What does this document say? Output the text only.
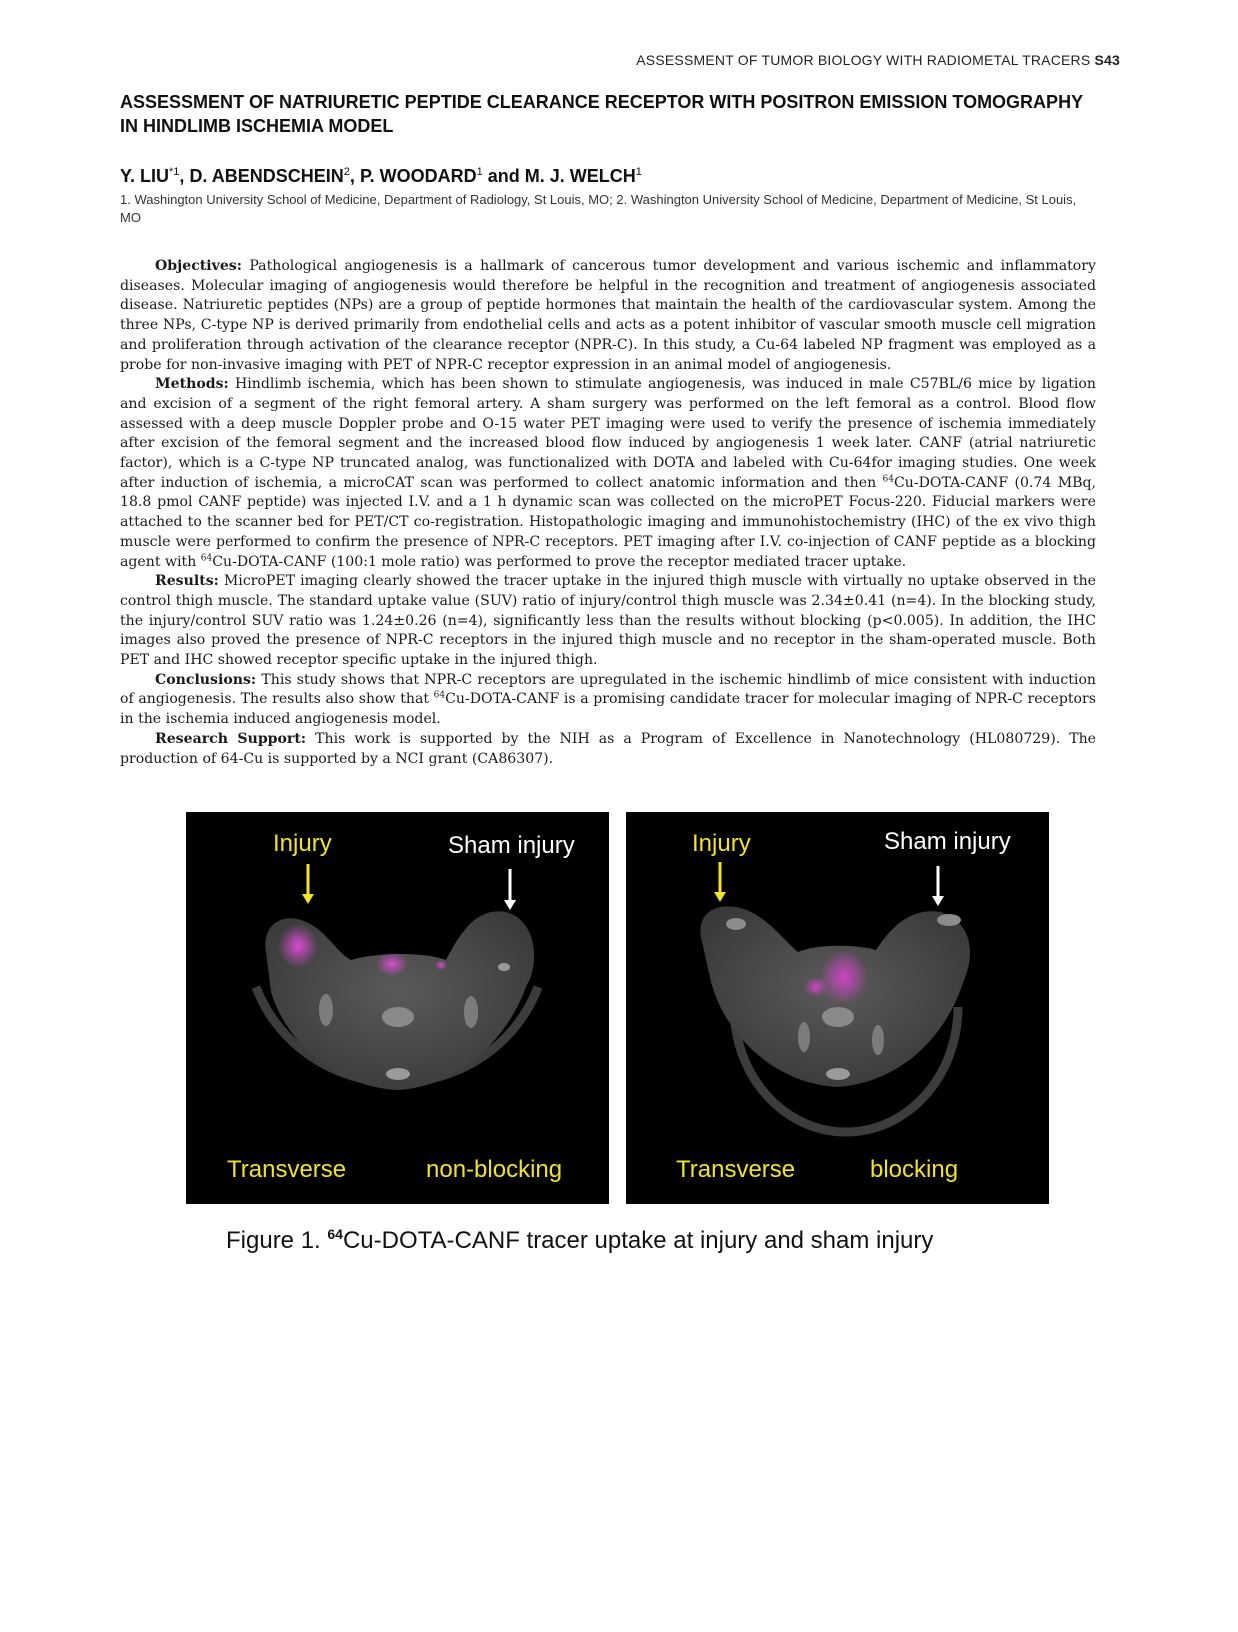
ASSESSMENT OF TUMOR BIOLOGY WITH RADIOMETAL TRACERS S43
ASSESSMENT OF NATRIURETIC PEPTIDE CLEARANCE RECEPTOR WITH POSITRON EMISSION TOMOGRAPHY IN HINDLIMB ISCHEMIA MODEL
Y. LIU$^{*1}$, D. ABENDSCHEIN$^2$, P. WOODARD$^1$ and M. J. WELCH$^1$
1. Washington University School of Medicine, Department of Radiology, St Louis, MO; 2. Washington University School of Medicine, Department of Medicine, St Louis, MO

Objectives: Pathological angiogenesis is a hallmark of cancerous tumor development and various ischemic and inflammatory diseases. Molecular imaging of angiogenesis would therefore be helpful in the recognition and treatment of angiogenesis associated disease. Natriuretic peptides (NPs) are a group of peptide hormones that maintain the health of the cardiovascular system. Among the three NPs, C-type NP is derived primarily from endothelial cells and acts as a potent inhibitor of vascular smooth muscle cell migration and proliferation through activation of the clearance receptor (NPR-C). In this study, a Cu-64 labeled NP fragment was employed as a probe for non-invasive imaging with PET of NPR-C receptor expression in an animal model of angiogenesis.

Methods: Hindlimb ischemia, which has been shown to stimulate angiogenesis, was induced in male C57BL/6 mice by ligation and excision of a segment of the right femoral artery. A sham surgery was performed on the left femoral as a control. Blood flow assessed with a deep muscle Doppler probe and O-15 water PET imaging were used to verify the presence of ischemia immediately after excision of the femoral segment and the increased blood flow induced by angiogenesis 1 week later. CANF (atrial natriuretic factor), which is a C-type NP truncated analog, was functionalized with DOTA and labeled with Cu-64for imaging studies. One week after induction of ischemia, a microCAT scan was performed to collect anatomic information and then $^{64}$Cu-DOTA-CANF (0.74 MBq, 18.8 pmol CANF peptide) was injected I.V. and a 1 h dynamic scan was collected on the microPET Focus-220. Fiducial markers were attached to the scanner bed for PET/CT co-registration. Histopathologic imaging and immunohistochemistry (IHC) of the ex vivo thigh muscle were performed to confirm the presence of NPR-C receptors. PET imaging after I.V. co-injection of CANF peptide as a blocking agent with $^{64}$Cu-DOTA-CANF (100:1 mole ratio) was performed to prove the receptor mediated tracer uptake.

Results: MicroPET imaging clearly showed the tracer uptake in the injured thigh muscle with virtually no uptake observed in the control thigh muscle. The standard uptake value (SUV) ratio of injury/control thigh muscle was 2.34±0.41 (n=4). In the blocking study, the injury/control SUV ratio was 1.24±0.26 (n=4), significantly less than the results without blocking (p<0.005). In addition, the IHC images also proved the presence of NPR-C receptors in the injured thigh muscle and no receptor in the sham-operated muscle. Both PET and IHC showed receptor specific uptake in the injured thigh.

Conclusions: This study shows that NPR-C receptors are upregulated in the ischemic hindlimb of mice consistent with induction of angiogenesis. The results also show that $^{64}$Cu-DOTA-CANF is a promising candidate tracer for molecular imaging of NPR-C receptors in the ischemia induced angiogenesis model.

Research Support: This work is supported by the NIH as a Program of Excellence in Nanotechnology (HL080729). The production of 64-Cu is supported by a NCI grant (CA86307).

Injury	Sham injury
Transverse	non-blocking
Injury	Sham injury
Transverse	blocking
Figure 1. $^{64}$Cu-DOTA-CANF tracer uptake at injury and sham injury
